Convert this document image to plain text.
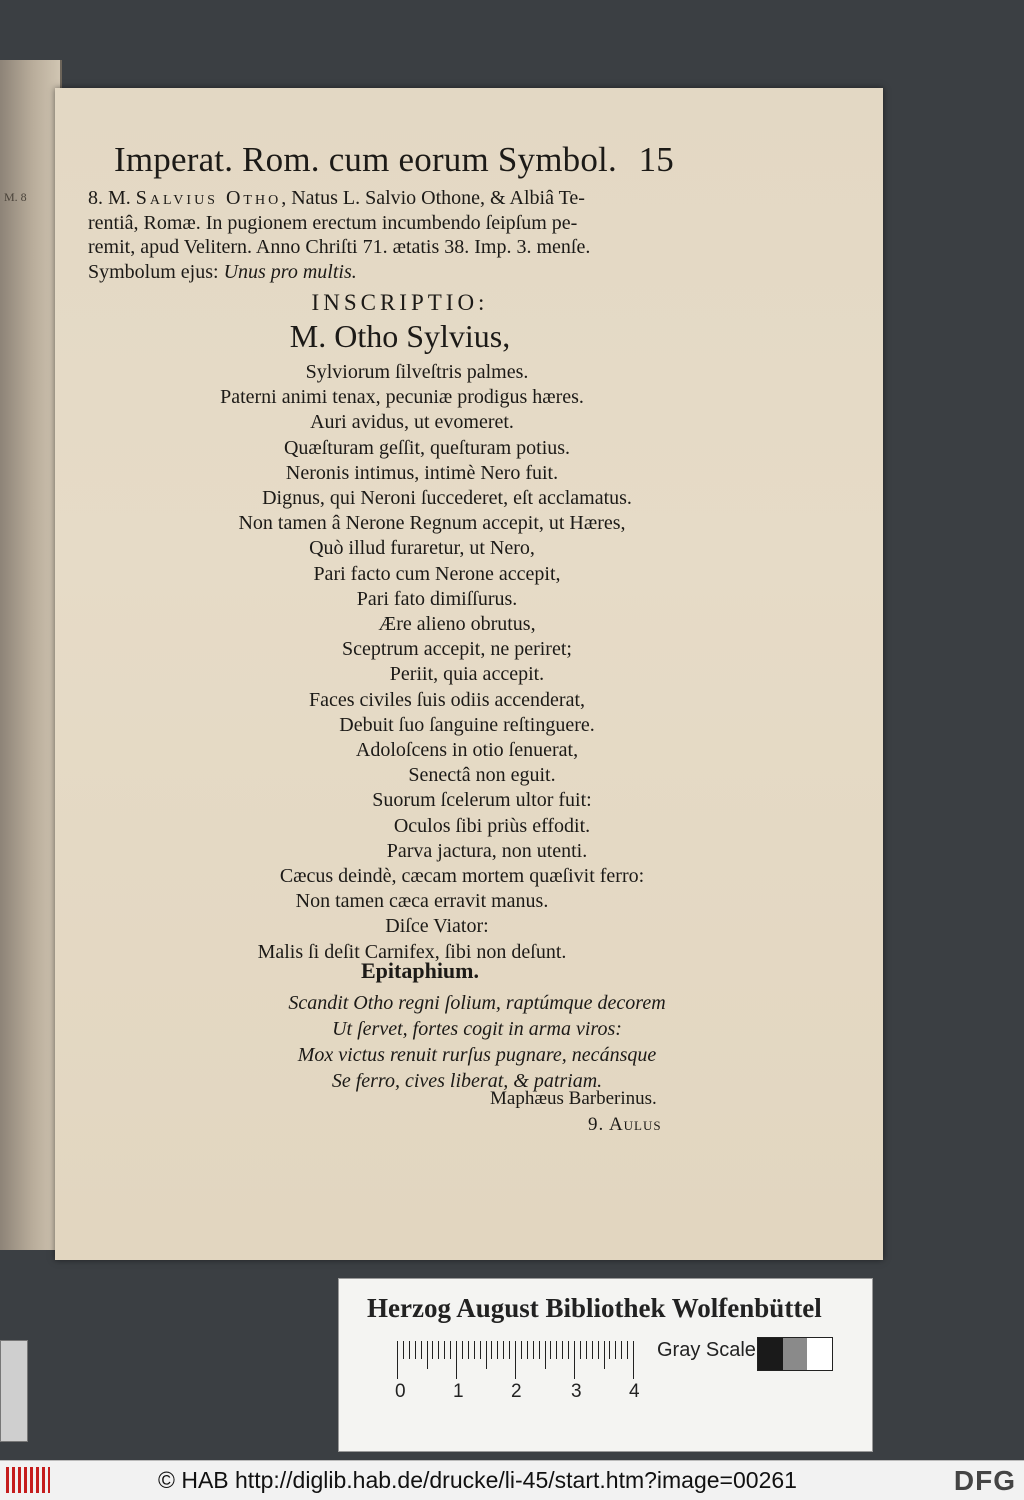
M. 8
Imperat. Rom. cum eorum Symbol. 15
8. M. Salvius Otho, Natus L. Salvio Othone, & Albiâ Te-
rentiâ, Romæ. In pugionem erectum incumbendo ſeipſum pe-
remit, apud Velitern. Anno Chriſti 71. ætatis 38. Imp. 3. menſe.
Symbolum ejus: Unus pro multis.
INSCRIPTIO:
M. Otho Sylvius,
Sylviorum ſilveſtris palmes.
Paterni animi tenax, pecuniæ prodigus hæres.
Auri avidus, ut evomeret.
Quæſturam geſſit, queſturam potius.
Neronis intimus, intimè Nero fuit.
Dignus, qui Neroni ſuccederet, eſt acclamatus.
Non tamen â Nerone Regnum accepit, ut Hæres,
Quò illud furaretur, ut Nero,
Pari facto cum Nerone accepit,
Pari fato dimiſſurus.
Ære alieno obrutus,
Sceptrum accepit, ne periret;
Periit, quia accepit.
Faces civiles ſuis odiis accenderat,
Debuit ſuo ſanguine reſtinguere.
Adoloſcens in otio ſenuerat,
Senectâ non eguit.
Suorum ſcelerum ultor fuit:
Oculos ſibi priùs effodit.
Parva jactura, non utenti.
Cæcus deindè, cæcam mortem quæſivit ferro:
Non tamen cæca erravit manus.
Diſce Viator:
Malis ſi deſit Carnifex, ſibi non deſunt.
Epitaphium.
Scandit Otho regni ſolium, raptúmque decorem
Ut ſervet, fortes cogit in arma viros:
Mox victus renuit rurſus pugnare, necánsque
Se ferro, cives liberat, & patriam.
Maphæus Barberinus.
9. Aulus
Herzog August Bibliothek Wolfenbüttel
0 1 2	3 4
Gray Scale
© HAB http://diglib.hab.de/drucke/li-45/start.htm?image=00261	DFG
